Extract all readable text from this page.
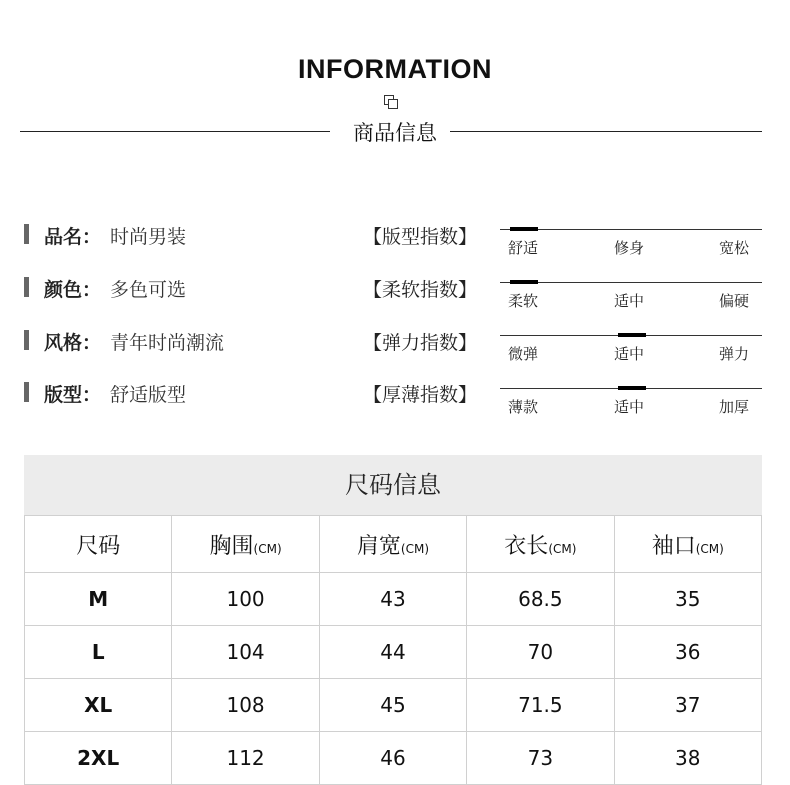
INFORMATION
商品信息
品名： 时尚男装
颜色： 多色可选
风格： 青年时尚潮流
版型： 舒适版型
【版型指数】
【柔软指数】
【弹力指数】
【厚薄指数】
舒适	修身	宽松
柔软	适中	偏硬
微弹	适中	弹力
薄款	适中	加厚
尺码信息
尺码	胸围(CM)	肩宽(CM)	衣长(CM)	袖口(CM)
M	100	43	68.5	35
L	104	44	70	36
XL	108	45	71.5	37
2XL	112	46	73	38
